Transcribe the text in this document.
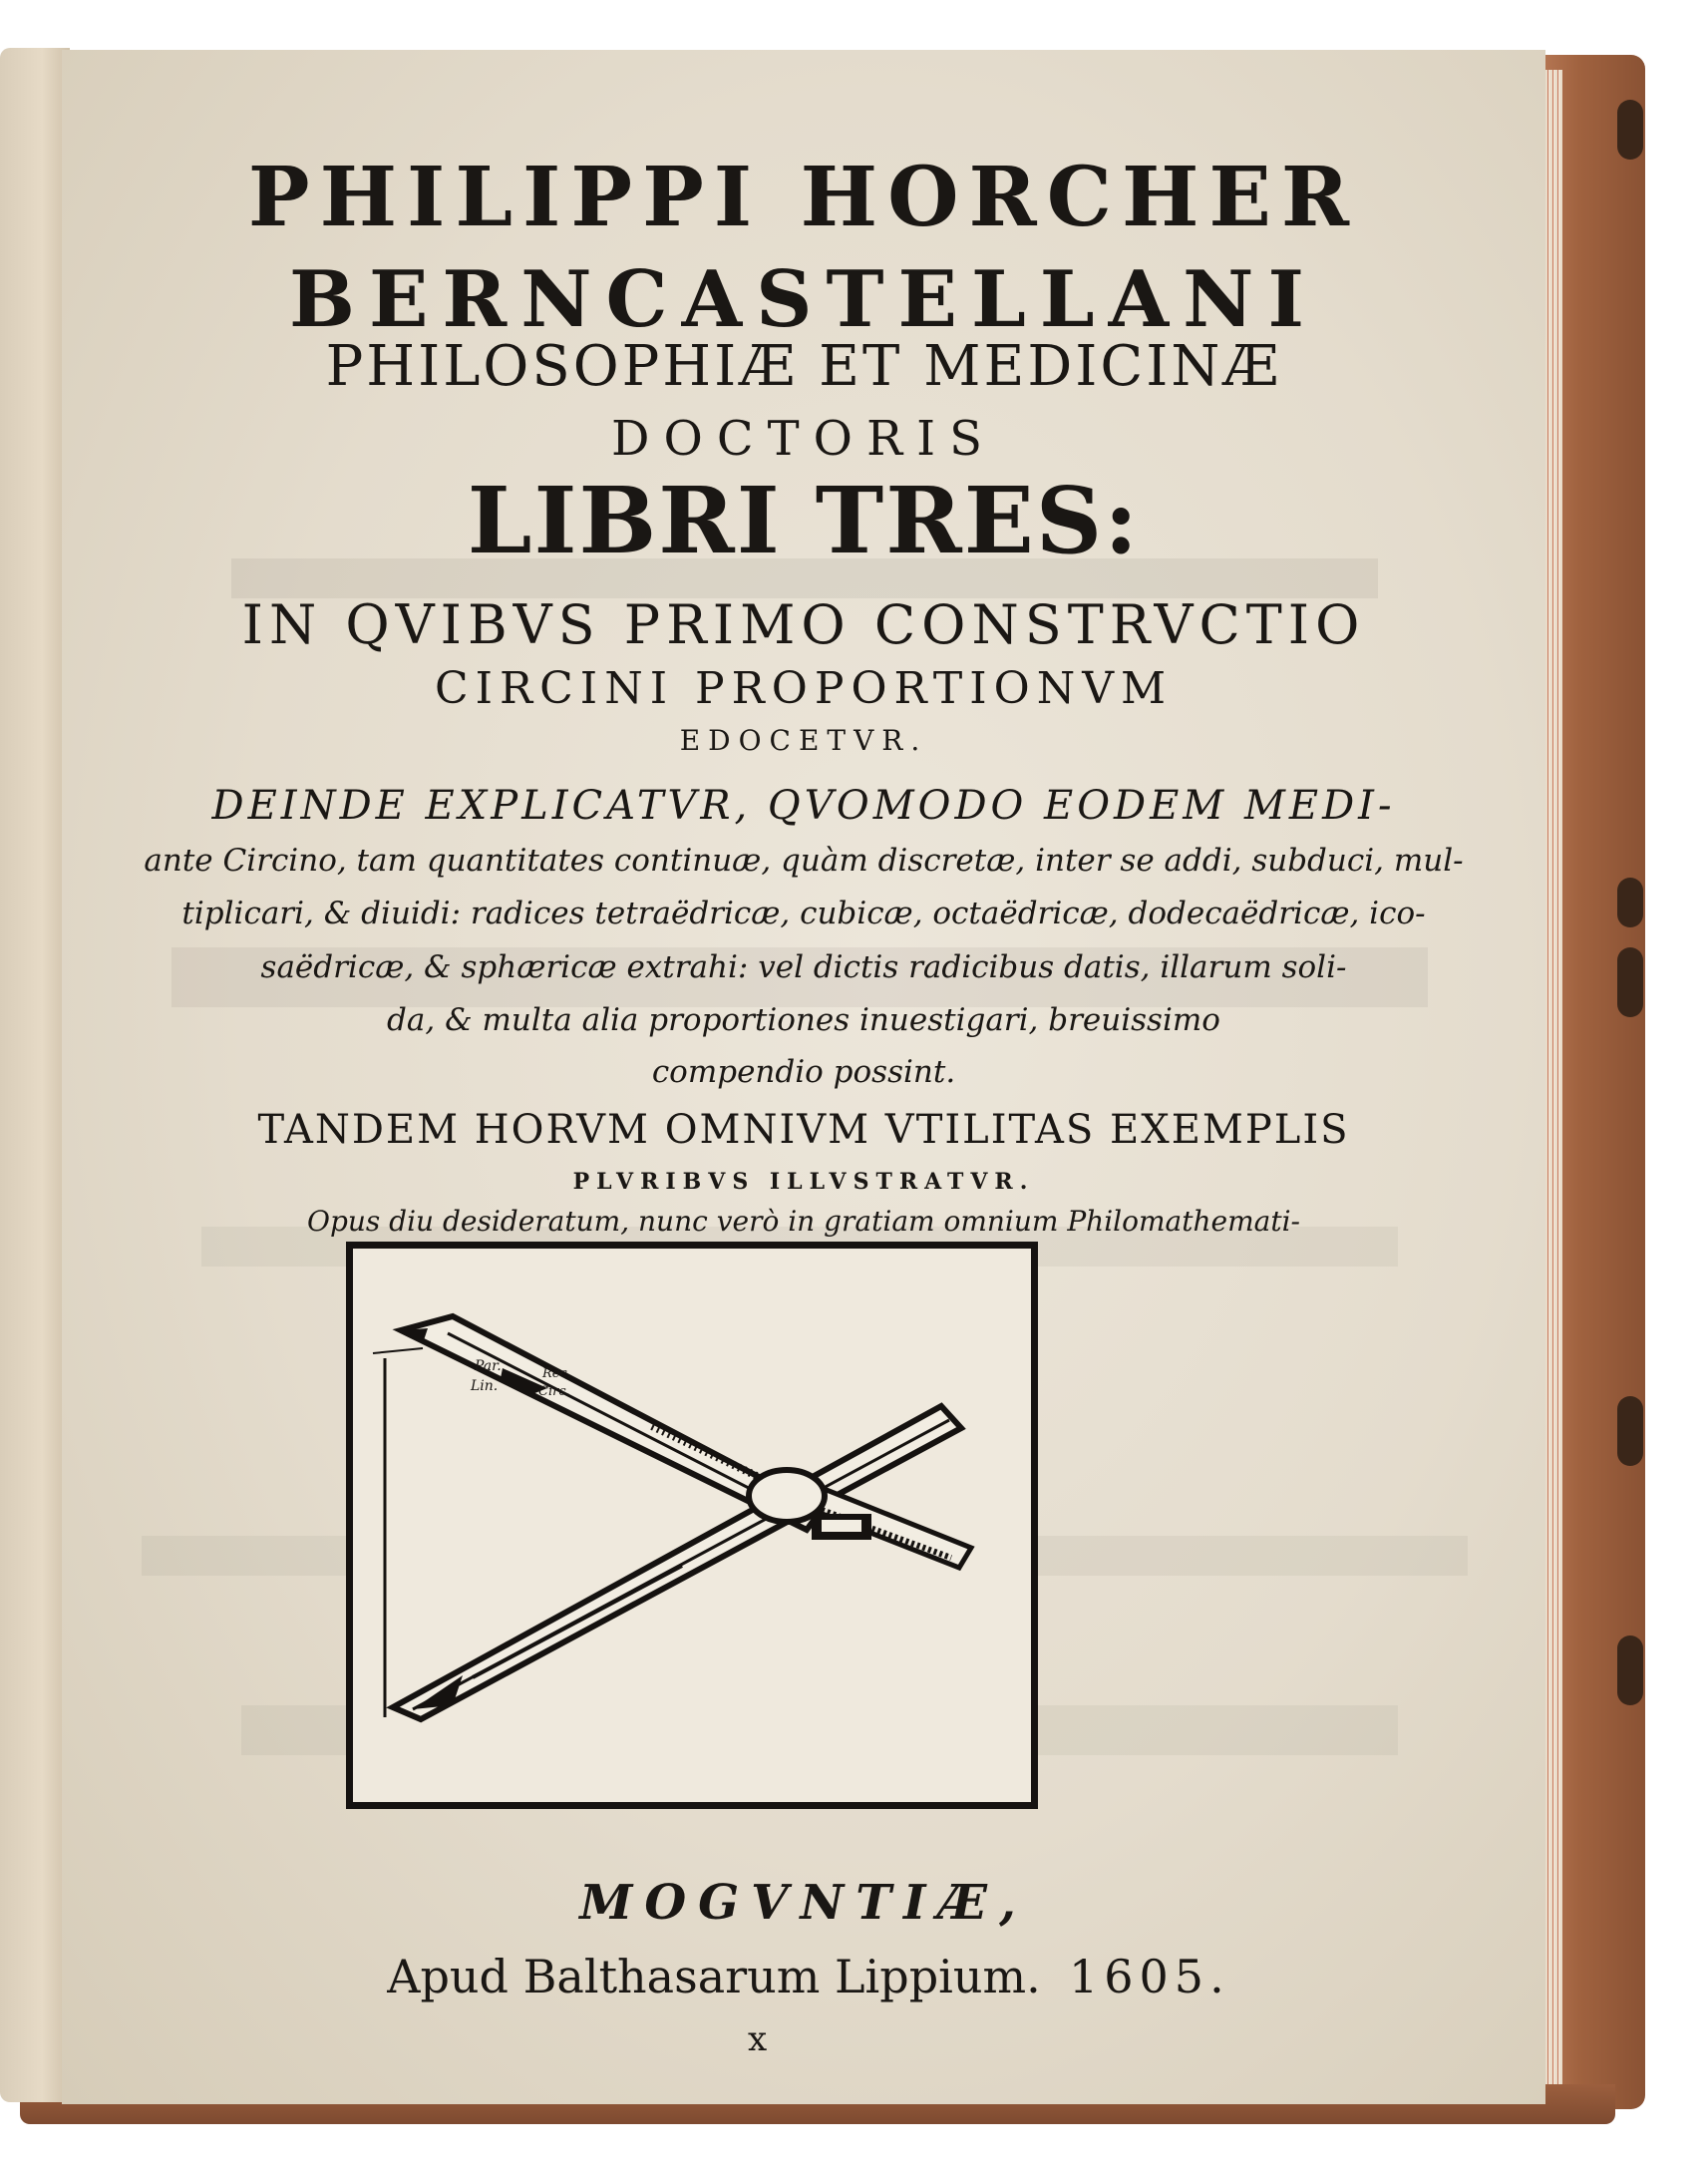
PHILIPPI HORCHER
BERNCASTELLANI
PHILOSOPHIÆ ET MEDICINÆ
DOCTORIS
LIBRI TRES:
IN QVIBVS PRIMO CONSTRVCTIO
CIRCINI PROPORTIONVM
EDOCETVR.
DEINDE EXPLICATVR, QVOMODO EODEM MEDI-
ante Circino, tam quantitates continuæ, quàm discretæ, inter se addi, subduci, mul-
tiplicari, & diuidi: radices tetraëdricæ, cubicæ, octaëdricæ, dodecaëdricæ, ico-
saëdricæ, & sphæricæ extrahi: vel dictis radicibus datis, illarum soli-
da, & multa alia proportiones inuestigari, breuissimo
compendio possint.
TANDEM HORVM OMNIVM VTILITAS EXEMPLIS
PLVRIBVS ILLVSTRATVR.
Opus diu desideratum, nunc verò in gratiam omnium Philomathemati-
MOGVNTIÆ,
Apud Balthasarum Lippium. 1605.
x
Par.
Lin.
Rec.
Circ.
